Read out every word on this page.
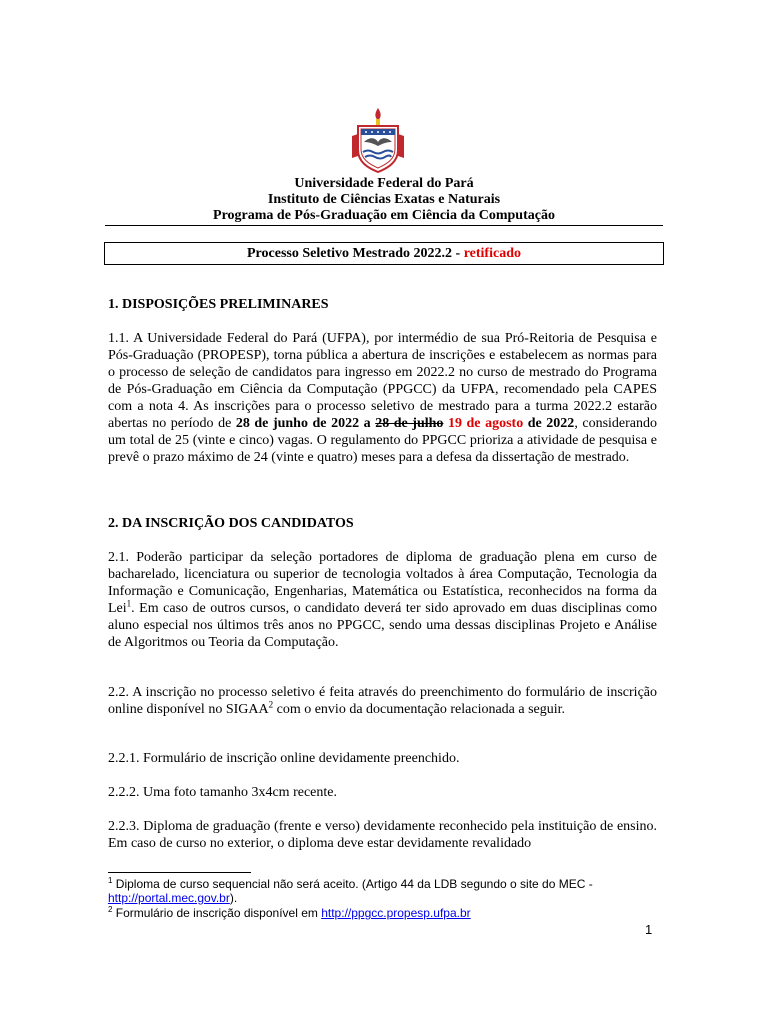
Universidade Federal do Pará
Instituto de Ciências Exatas e Naturais
Programa de Pós-Graduação em Ciência da Computação
Processo Seletivo Mestrado 2022.2 - retificado
1. DISPOSIÇÕES PRELIMINARES
1.1. A Universidade Federal do Pará (UFPA), por intermédio de sua Pró-Reitoria de Pesquisa e Pós-Graduação (PROPESP), torna pública a abertura de inscrições e estabelecem as normas para o processo de seleção de candidatos para ingresso em 2022.2 no curso de mestrado do Programa de Pós-Graduação em Ciência da Computação (PPGCC) da UFPA, recomendado pela CAPES com a nota 4. As inscrições para o processo seletivo de mestrado para a turma 2022.2 estarão abertas no período de 28 de junho de 2022 a 28 de julho 19 de agosto de 2022, considerando um total de 25 (vinte e cinco) vagas. O regulamento do PPGCC prioriza a atividade de pesquisa e prevê o prazo máximo de 24 (vinte e quatro) meses para a defesa da dissertação de mestrado.
2. DA INSCRIÇÃO DOS CANDIDATOS
2.1. Poderão participar da seleção portadores de diploma de graduação plena em curso de bacharelado, licenciatura ou superior de tecnologia voltados à área Computação, Tecnologia da Informação e Comunicação, Engenharias, Matemática ou Estatística, reconhecidos na forma da Lei$^1$. Em caso de outros cursos, o candidato deverá ter sido aprovado em duas disciplinas como aluno especial nos últimos três anos no PPGCC, sendo uma dessas disciplinas Projeto e Análise de Algoritmos ou Teoria da Computação.
2.2. A inscrição no processo seletivo é feita através do preenchimento do formulário de inscrição online disponível no SIGAA$^2$ com o envio da documentação relacionada a seguir.
2.2.1. Formulário de inscrição online devidamente preenchido.
2.2.2. Uma foto tamanho 3x4cm recente.
2.2.3. Diploma de graduação (frente e verso) devidamente reconhecido pela instituição de ensino. Em caso de curso no exterior, o diploma deve estar devidamente revalidado
$^1$ Diploma de curso sequencial não será aceito. (Artigo 44 da LDB segundo o site do MEC - http://portal.mec.gov.br).
$^2$ Formulário de inscrição disponível em http://ppgcc.propesp.ufpa.br
1
